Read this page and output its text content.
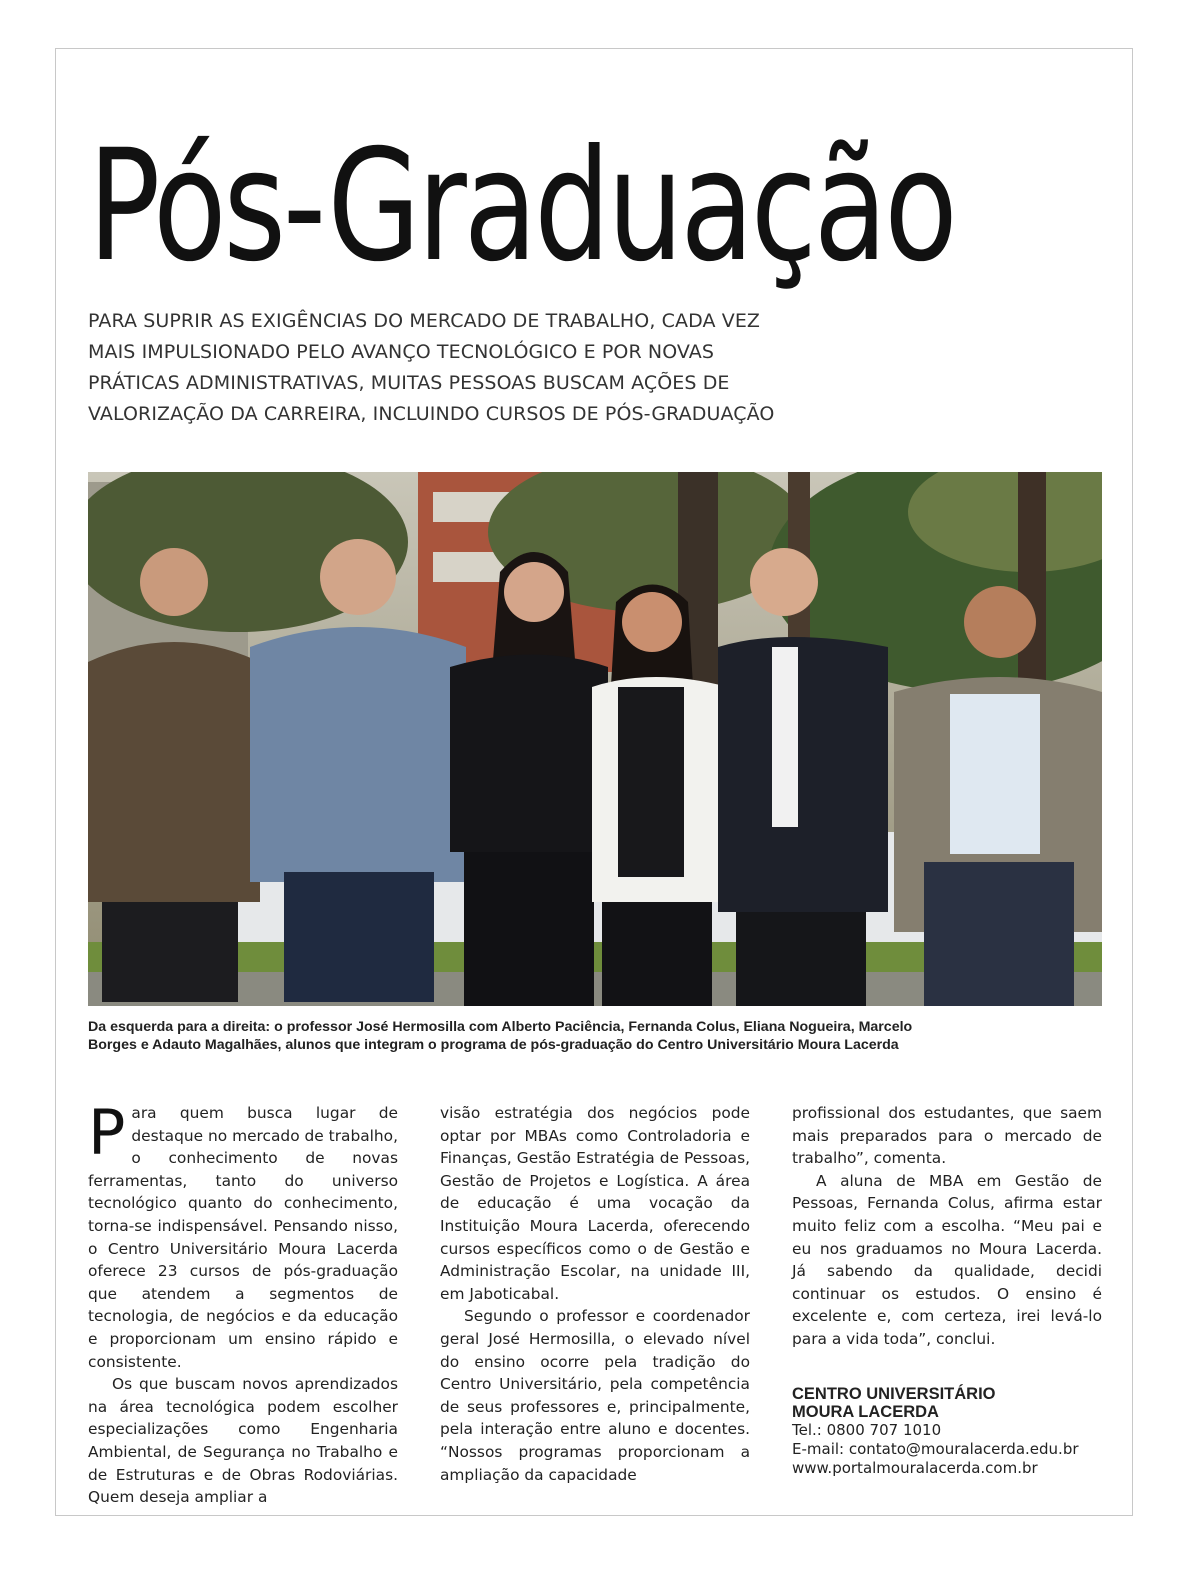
Pós-Graduação
PARA SUPRIR AS EXIGÊNCIAS DO MERCADO DE TRABALHO, CADA VEZ
MAIS IMPULSIONADO PELO AVANÇO TECNOLÓGICO E POR NOVAS
PRÁTICAS ADMINISTRATIVAS, MUITAS PESSOAS BUSCAM AÇÕES DE
VALORIZAÇÃO DA CARREIRA, INCLUINDO CURSOS DE PÓS-GRADUAÇÃO
Da esquerda para a direita: o professor José Hermosilla com Alberto Paciência, Fernanda Colus, Eliana Nogueira, Marcelo
Borges e Adauto Magalhães, alunos que integram o programa de pós-graduação do Centro Universitário Moura Lacerda

Para quem busca lugar de destaque no mercado de trabalho, o conhecimento de novas ferramentas, tanto do universo tecnológico quanto do conhecimento, torna-se indispensável. Pensando nisso, o Centro Universitário Moura Lacerda oferece 23 cursos de pós-graduação que atendem a segmentos de tecnologia, de negócios e da educação e proporcionam um ensino rápido e consistente.

Os que buscam novos aprendizados na área tecnológica podem escolher especializações como Engenharia Ambiental, de Segurança no Trabalho e de Estruturas e de Obras Rodoviárias. Quem deseja ampliar a

visão estratégia dos negócios pode optar por MBAs como Controladoria e Finanças, Gestão Estratégia de Pessoas, Gestão de Projetos e Logística. A área de educação é uma vocação da Instituição Moura Lacerda, oferecendo cursos específicos como o de Gestão e Administração Escolar, na unidade III, em Jaboticabal.

Segundo o professor e coordenador geral José Hermosilla, o elevado nível do ensino ocorre pela tradição do Centro Universitário, pela competência de seus professores e, principalmente, pela interação entre aluno e docentes. “Nossos programas proporcionam a ampliação da capacidade

profissional dos estudantes, que saem mais preparados para o mercado de trabalho”, comenta.

A aluna de MBA em Gestão de Pessoas, Fernanda Colus, afirma estar muito feliz com a escolha. “Meu pai e eu nos graduamos no Moura Lacerda. Já sabendo da qualidade, decidi continuar os estudos. O ensino é excelente e, com certeza, irei levá-lo para a vida toda”, conclui.

CENTRO UNIVERSITÁRIO
MOURA LACERDA
Tel.: 0800 707 1010
E-mail: contato@mouralacerda.edu.br
www.portalmouralacerda.com.br
